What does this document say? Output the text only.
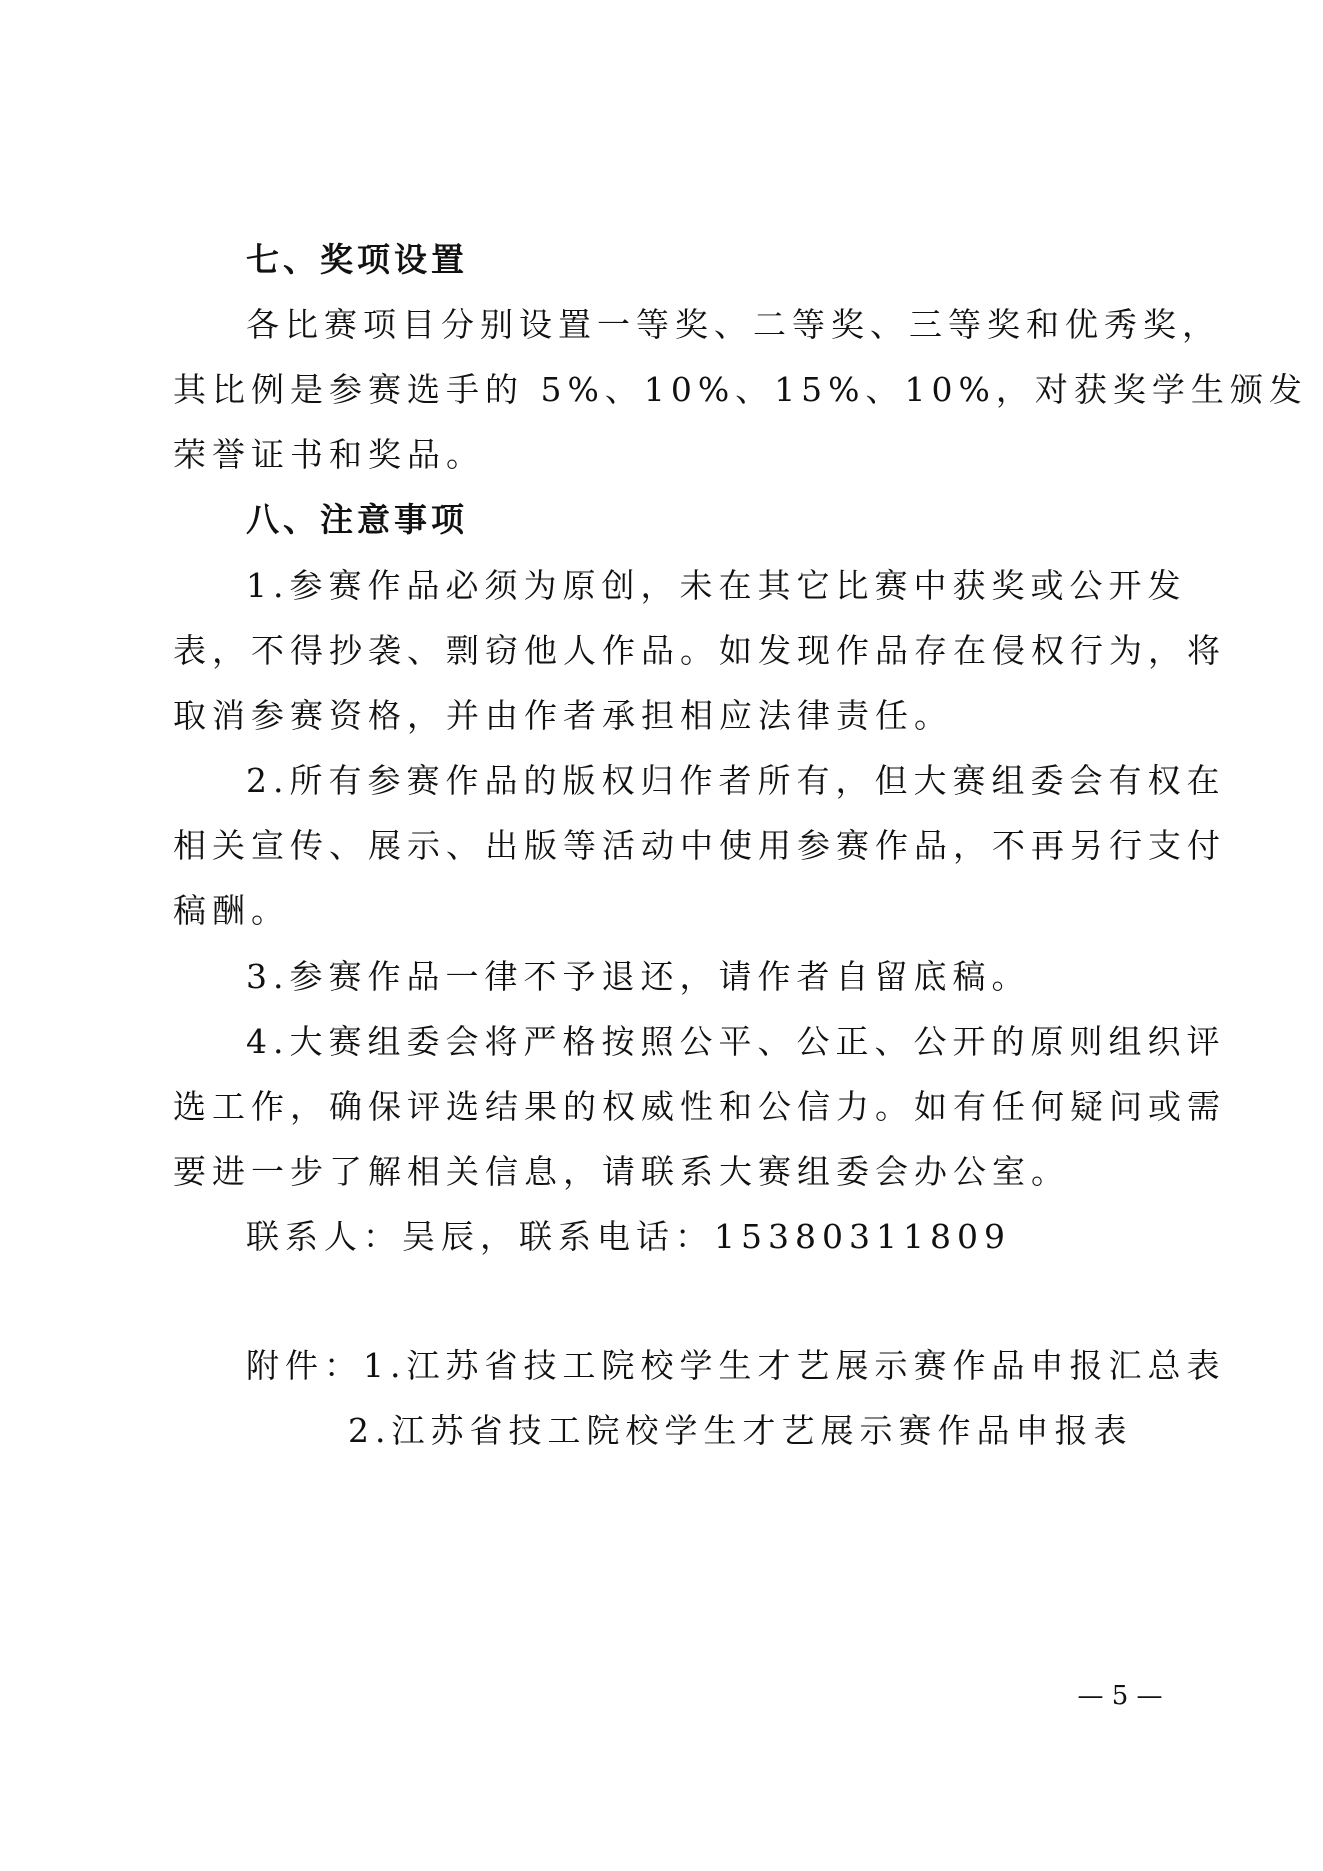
七、奖项设置
各比赛项目分别设置一等奖、二等奖、三等奖和优秀奖，
其比例是参赛选手的 5%、10%、15%、10%，对获奖学生颁发
荣誉证书和奖品。
八、注意事项
1.参赛作品必须为原创，未在其它比赛中获奖或公开发
表，不得抄袭、剽窃他人作品。如发现作品存在侵权行为，将
取消参赛资格，并由作者承担相应法律责任。
2.所有参赛作品的版权归作者所有，但大赛组委会有权在
相关宣传、展示、出版等活动中使用参赛作品，不再另行支付
稿酬。
3.参赛作品一律不予退还，请作者自留底稿。
4.大赛组委会将严格按照公平、公正、公开的原则组织评
选工作，确保评选结果的权威性和公信力。如有任何疑问或需
要进一步了解相关信息，请联系大赛组委会办公室。
联系人：吴辰，联系电话：15380311809
附件：1.江苏省技工院校学生才艺展示赛作品申报汇总表
2.江苏省技工院校学生才艺展示赛作品申报表
— 5 —
